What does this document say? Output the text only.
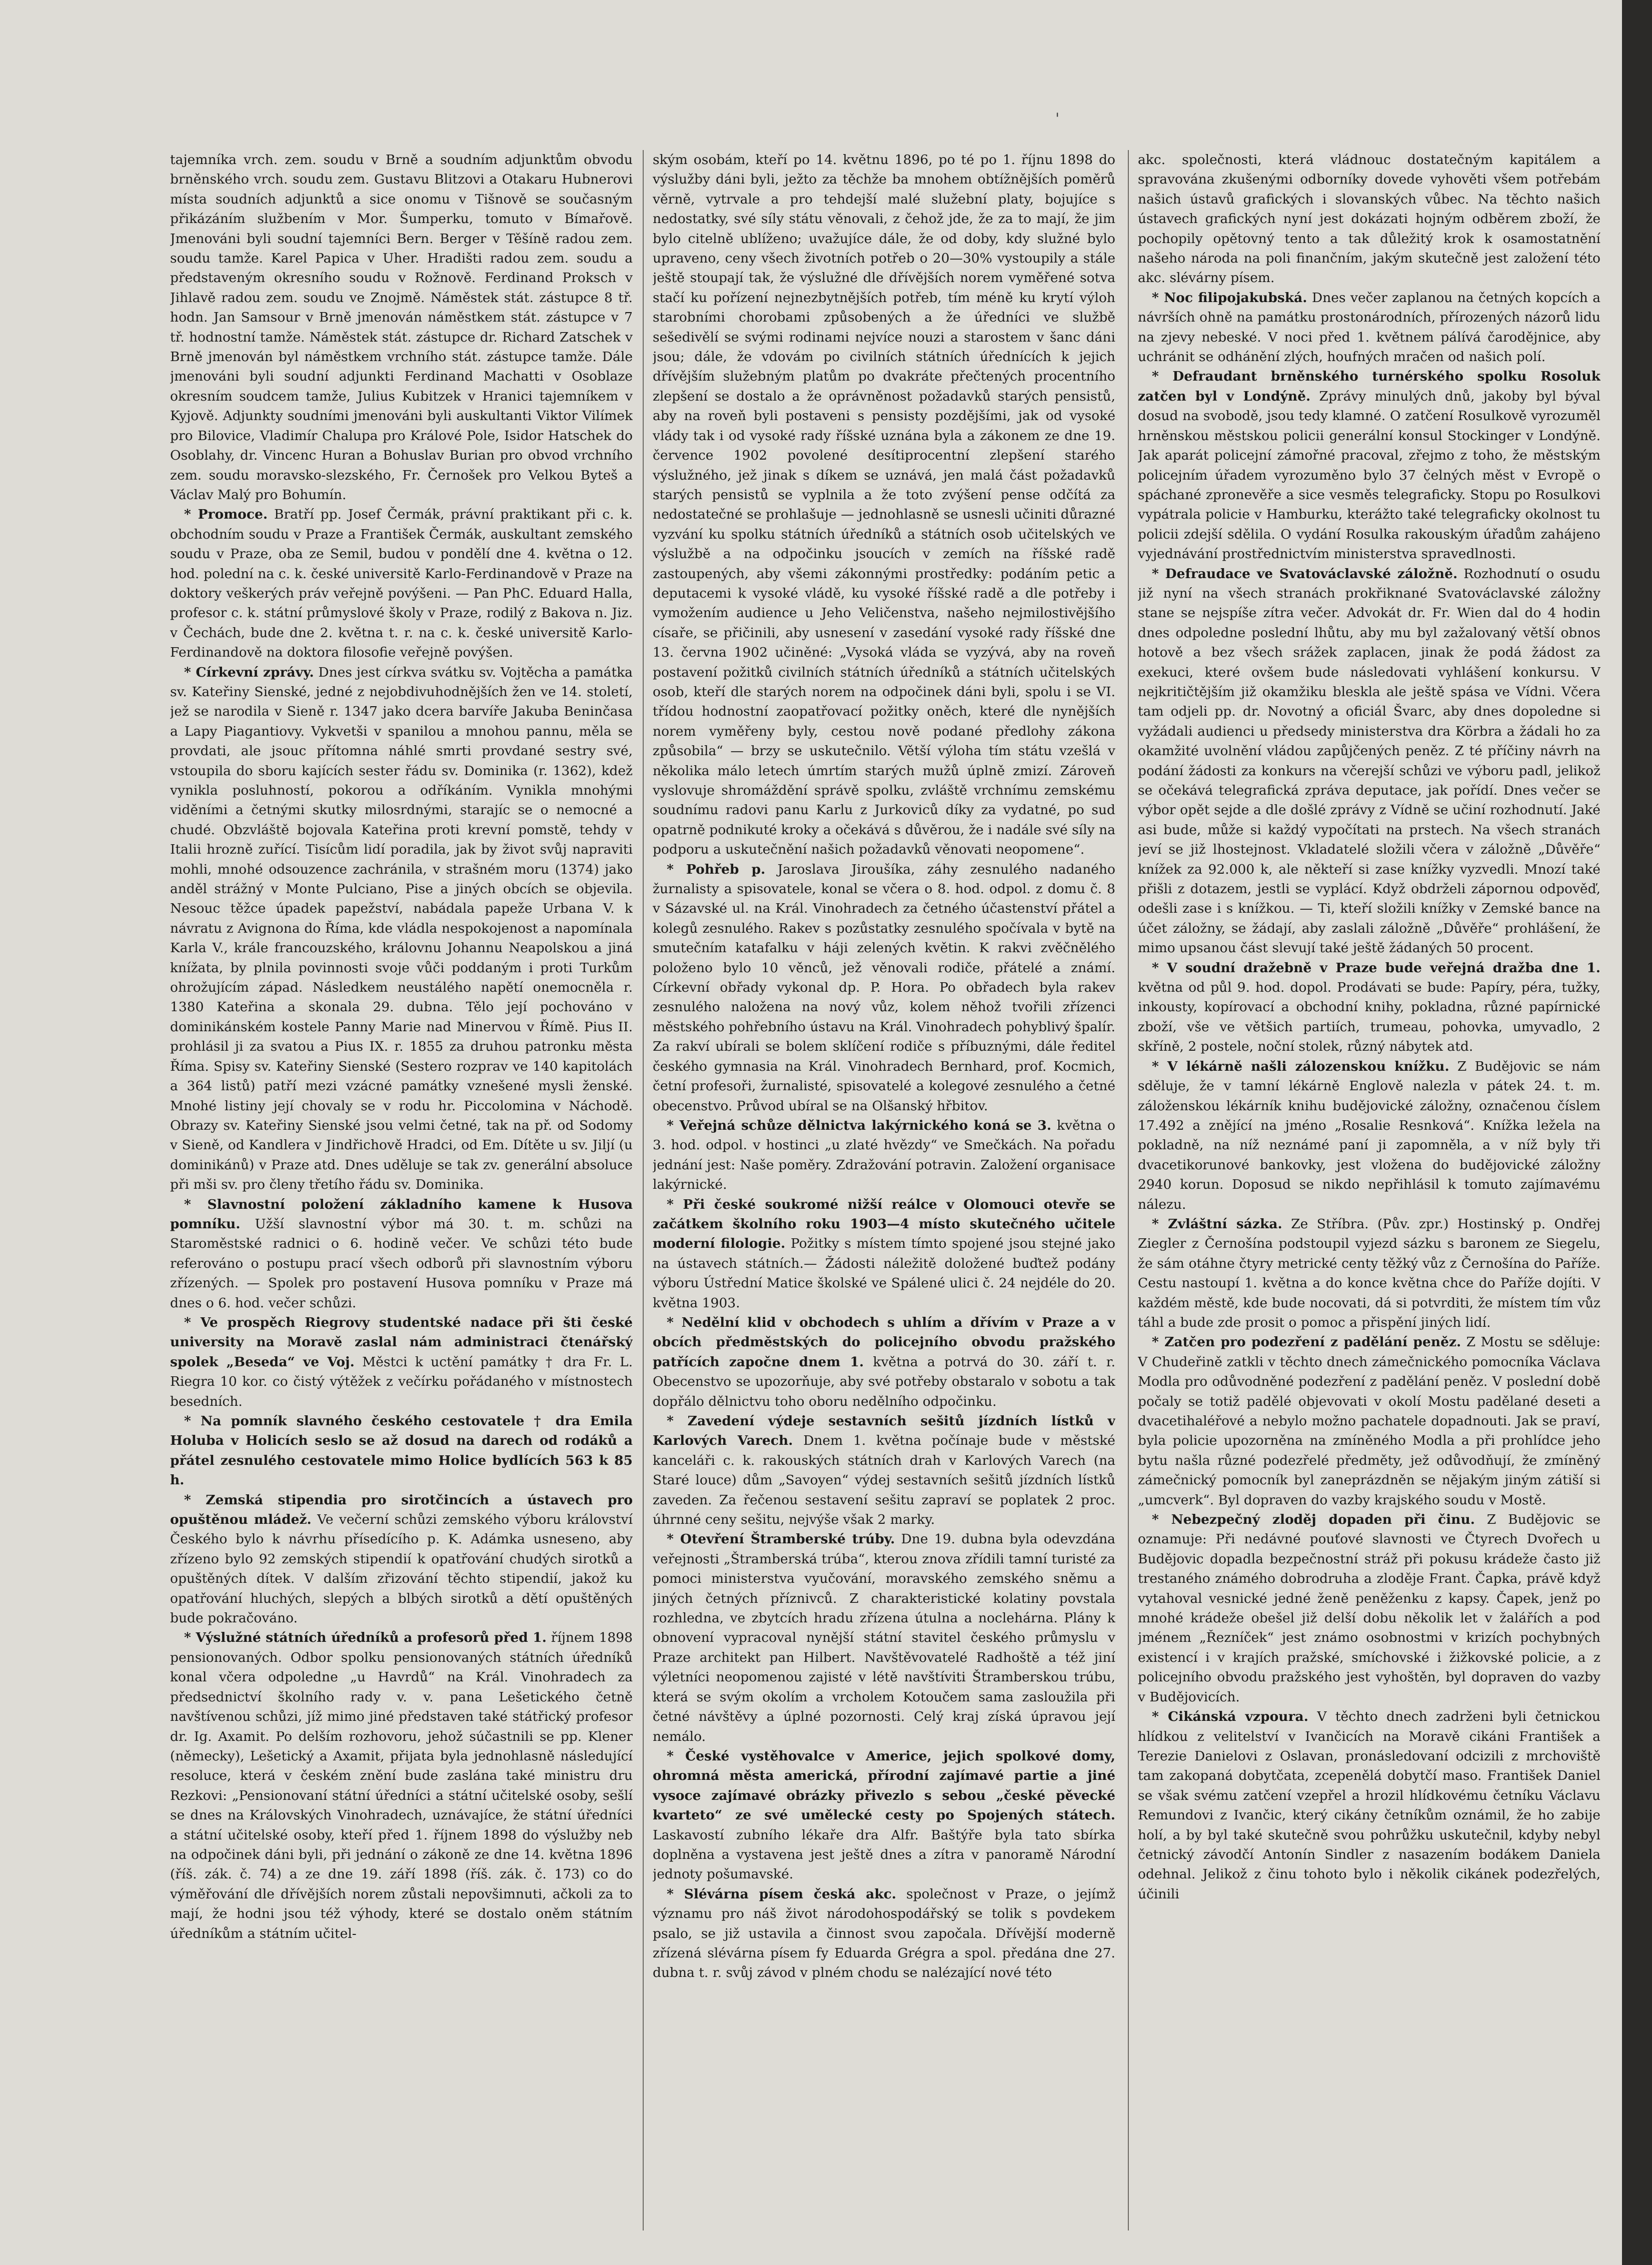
'

tajemníka vrch. zem. soudu v Brně a soudním adjunktům obvodu brněnského vrch. soudu zem. Gustavu Blitzovi a Otakaru Hubnerovi místa soudních adjunktů a sice onomu v Tišnově se současným přikázáním službením v Mor. Šumperku, tomuto v Bímařově. Jmenováni byli soudní tajemníci Bern. Berger v Těšíně radou zem. soudu tamže. Karel Papica v Uher. Hradišti radou zem. soudu a představeným okresního soudu v Rožnově. Ferdinand Proksch v Jihlavě radou zem. soudu ve Znojmě. Náměstek stát. zástupce 8 tř. hodn. Jan Samsour v Brně jmenován náměstkem stát. zástupce v 7 tř. hodnostní tamže. Náměstek stát. zástupce dr. Richard Zatschek v Brně jmenován byl náměstkem vrchního stát. zástupce tamže. Dále jmenováni byli soudní adjunkti Ferdinand Machatti v Osoblaze okresním soudcem tamže, Julius Kubitzek v Hranici tajemníkem v Kyjově. Adjunkty soudními jmenováni byli auskultanti Viktor Vilímek pro Bilovice, Vladimír Chalupa pro Králové Pole, Isidor Hatschek do Osoblahy, dr. Vincenc Huran a Bohuslav Burian pro obvod vrchního zem. soudu moravsko-slezského, Fr. Černošek pro Velkou Byteš a Václav Malý pro Bohumín.

* Promoce. Bratří pp. Josef Čermák, právní praktikant při c. k. obchodním soudu v Praze a František Čermák, auskultant zemského soudu v Praze, oba ze Semil, budou v pondělí dne 4. května o 12. hod. polední na c. k. české universitě Karlo-Ferdinandově v Praze na doktory veškerých práv veřejně povýšeni. — Pan PhC. Eduard Halla, profesor c. k. státní průmyslové školy v Praze, rodilý z Bakova n. Jiz. v Čechách, bude dne 2. května t. r. na c. k. české universitě Karlo-Ferdinandově na doktora filosofie veřejně povýšen.

* Církevní zprávy. Dnes jest církva svátku sv. Vojtěcha a památka sv. Kateřiny Sienské, jedné z nejobdivuhodnějších žen ve 14. století, jež se narodila v Sieně r. 1347 jako dcera barvíře Jakuba Beninčasa a Lapy Piagantiovy. Vykvetši v spanilou a mnohou pannu, měla se provdati, ale jsouc přítomna náhlé smrti provdané sestry své, vstoupila do sboru kajících sester řádu sv. Dominika (r. 1362), kdež vynikla posluhností, pokorou a odříkáním. Vynikla mnohými viděními a četnými skutky milosrdnými, starajíc se o nemocné a chudé. Obzvláště bojovala Kateřina proti krevní pomstě, tehdy v Italii hrozně zuřící. Tisícům lidí poradila, jak by život svůj napraviti mohli, mnohé odsouzence zachránila, v strašném moru (1374) jako anděl strážný v Monte Pulciano, Pise a jiných obcích se objevila. Nesouc těžce úpadek papežství, nabádala papeže Urbana V. k návratu z Avignona do Říma, kde vládla nespokojenost a napomínala Karla V., krále francouzského, královnu Johannu Neapolskou a jiná knížata, by plnila povinnosti svoje vůči poddaným i proti Turkům ohrožujícím západ. Následkem neustálého napětí onemocněla r. 1380 Kateřina a skonala 29. dubna. Tělo její pochováno v dominikánském kostele Panny Marie nad Minervou v Římě. Pius II. prohlásil ji za svatou a Pius IX. r. 1855 za druhou patronku města Říma. Spisy sv. Kateřiny Sienské (Sestero rozprav ve 140 kapitolách a 364 listů) patří mezi vzácné památky vznešené mysli ženské. Mnohé listiny její chovaly se v rodu hr. Piccolomina v Náchodě. Obrazy sv. Kateřiny Sienské jsou velmi četné, tak na př. od Sodomy v Sieně, od Kandlera v Jindřichově Hradci, od Em. Dítěte u sv. Jiljí (u dominikánů) v Praze atd. Dnes uděluje se tak zv. generální absoluce při mši sv. pro členy třetího řádu sv. Dominika.

* Slavnostní položení základního kamene k Husova pomníku. Užší slavnostní výbor má 30. t. m. schůzi na Staroměstské radnici o 6. hodině večer. Ve schůzi této bude referováno o postupu prací všech odborů při slavnostním výboru zřízených. — Spolek pro postavení Husova pomníku v Praze má dnes o 6. hod. večer schůzi.

* Ve prospěch Riegrovy studentské nadace při šti české university na Moravě zaslal nám administraci čtenářský spolek „Beseda“ ve Voj. Městci k uctění památky † dra Fr. L. Riegra 10 kor. co čistý výtěžek z večírku pořádaného v místnostech besedních.

* Na pomník slavného českého cestovatele † dra Emila Holuba v Holicích seslo se až dosud na darech od rodáků a přátel zesnulého cestovatele mimo Holice bydlících 563 k 85 h.

* Zemská stipendia pro sirotčincích a ústavech pro opuštěnou mládež. Ve večerní schůzi zemského výboru království Českého bylo k návrhu přísedícího p. K. Adámka usneseno, aby zřízeno bylo 92 zemských stipendií k opatřování chudých sirotků a opuštěných dítek. V dalším zřizování těchto stipendií, jakož ku opatřování hluchých, slepých a blbých sirotků a dětí opuštěných bude pokračováno.

* Výslužné státních úředníků a profesorů před 1. říjnem 1898 pensionovaných. Odbor spolku pensionovaných státních úředníků konal včera odpoledne „u Havrdů“ na Král. Vinohradech za předsednictví školního rady v. v. pana Lešetického četně navštívenou schůzi, jíž mimo jiné představen také státřický profesor dr. Ig. Axamit. Po delším rozhovoru, jehož súčastnili se pp. Klener (německy), Lešetický a Axamit, přijata byla jednohlasně následující resoluce, která v českém znění bude zaslána také ministru dru Rezkovi: „Pensionovaní státní úředníci a státní učitelské osoby, sešlí se dnes na Královských Vinohradech, uznávajíce, že státní úředníci a státní učitelské osoby, kteří před 1. říjnem 1898 do výslužby neb na odpočinek dáni byli, při jednání o zákoně ze dne 14. května 1896 (říš. zák. č. 74) a ze dne 19. září 1898 (říš. zák. č. 173) co do výměřování dle dřívějších norem zůstali nepovšimnuti, ačkoli za to mají, že hodni jsou též výhody, které se dostalo oněm státním úředníkům a státním učitel-

ským osobám, kteří po 14. květnu 1896, po té po 1. říjnu 1898 do výslužby dáni byli, ježto za těchže ba mnohem obtížnějších poměrů věrně, vytrvale a pro tehdejší malé služební platy, bojujíce s nedostatky, své síly státu věnovali, z čehož jde, že za to mají, že jim bylo citelně ublíženo; uvažujíce dále, že od doby, kdy služné bylo upraveno, ceny všech životních potřeb o 20—30% vystoupily a stále ještě stoupají tak, že výslužné dle dřívějších norem vyměřené sotva stačí ku pořízení nejnezbytnějších potřeb, tím méně ku krytí výloh starobními chorobami způsobených a že úředníci ve službě sešedivělí se svými rodinami nejvíce nouzi a starostem v šanc dáni jsou; dále, že vdovám po civilních státních úřednících k jejich dřívějším služebným platům po dvakráte přečtených procentního zlepšení se dostalo a že oprávněnost požadavků starých pensistů, aby na roveň byli postaveni s pensisty pozdějšími, jak od vysoké vlády tak i od vysoké rady říšské uznána byla a zákonem ze dne 19. července 1902 povolené desítiprocentní zlepšení starého výslužného, jež jinak s díkem se uznává, jen malá část požadavků starých pensistů se vyplnila a že toto zvýšení pense odčítá za nedostatečné se prohlašuje — jednohlasně se usnesli učiniti důrazné vyzvání ku spolku státních úředníků a státních osob učitelských ve výslužbě a na odpočinku jsoucích v zemích na říšské radě zastoupených, aby všemi zákonnými prostředky: podáním petic a deputacemi k vysoké vládě, ku vysoké říšské radě a dle potřeby i vymožením audience u Jeho Veličenstva, našeho nejmilostivějšího císaře, se přičinili, aby usnesení v zasedání vysoké rady říšské dne 13. června 1902 učiněné: „Vysoká vláda se vyzývá, aby na roveň postavení požitků civilních státních úředníků a státních učitelských osob, kteří dle starých norem na odpočinek dáni byli, spolu i se VI. třídou hodnostní zaopatřovací požitky oněch, které dle nynějších norem vyměřeny byly, cestou nově podané předlohy zákona způsobila“ — brzy se uskutečnilo. Větší výloha tím státu vzešlá v několika málo letech úmrtím starých mužů úplně zmizí. Zároveň vyslovuje shromáždění správě spolku, zvláště vrchnímu zemskému soudnímu radovi panu Karlu z Jurkoviců díky za vydatné, po sud opatrně podnikuté kroky a očekává s důvěrou, že i nadále své síly na podporu a uskutečnění našich požadavků věnovati neopomene“.

* Pohřeb p. Jaroslava Jiroušíka, záhy zesnulého nadaného žurnalisty a spisovatele, konal se včera o 8. hod. odpol. z domu č. 8 v Sázavské ul. na Král. Vinohradech za četného účastenství přátel a kolegů zesnulého. Rakev s pozůstatky zesnulého spočívala v bytě na smutečním katafalku v háji zelených květin. K rakvi zvěčnělého položeno bylo 10 věnců, jež věnovali rodiče, přátelé a známí. Církevní obřady vykonal dp. P. Hora. Po obřadech byla rakev zesnulého naložena na nový vůz, kolem něhož tvořili zřízenci městského pohřebního ústavu na Král. Vinohradech pohyblivý špalír. Za rakví ubírali se bolem sklíčení rodiče s příbuznými, dále ředitel českého gymnasia na Král. Vinohradech Bernhard, prof. Kocmich, četní profesoři, žurnalisté, spisovatelé a kolegové zesnulého a četné obecenstvo. Průvod ubíral se na Olšanský hřbitov.

* Veřejná schůze dělnictva lakýrnického koná se 3. května o 3. hod. odpol. v hostinci „u zlaté hvězdy“ ve Smečkách. Na pořadu jednání jest: Naše poměry. Zdražování potravin. Založení organisace lakýrnické.

* Při české soukromé nižší reálce v Olomouci otevře se začátkem školního roku 1903—4 místo skutečného učitele moderní filologie. Požitky s místem tímto spojené jsou stejné jako na ústavech státních.— Žádosti náležitě doložené buďtež podány výboru Ústřední Matice školské ve Spálené ulici č. 24 nejdéle do 20. května 1903.

* Nedělní klid v obchodech s uhlím a dřívím v Praze a v obcích předměstských do policejního obvodu pražského patřících započne dnem 1. května a potrvá do 30. září t. r. Obecenstvo se upozorňuje, aby své potřeby obstaralo v sobotu a tak dopřálo dělnictvu toho oboru nedělního odpočinku.

* Zavedení výdeje sestavních sešitů jízdních lístků v Karlových Varech. Dnem 1. května počínaje bude v městské kanceláři c. k. rakouských státních drah v Karlových Varech (na Staré louce) dům „Savoyen“ výdej sestavních sešitů jízdních lístků zaveden. Za řečenou sestavení sešitu zapraví se poplatek 2 proc. úhrnné ceny sešitu, nejvýše však 2 marky.

* Otevření Štramberské trúby. Dne 19. dubna byla odevzdána veřejnosti „Štramberská trúba“, kterou znova zřídili tamní turisté za pomoci ministerstva vyučování, moravského zemského sněmu a jiných četných příznivců. Z charakteristické kolatiny povstala rozhledna, ve zbytcích hradu zřízena útulna a noclehárna. Plány k obnovení vypracoval nynější státní stavitel českého průmyslu v Praze architekt pan Hilbert. Navštěvovatelé Radhoště a též jiní výletníci neopomenou zajisté v létě navštíviti Štramberskou trúbu, která se svým okolím a vrcholem Kotoučem sama zasloužila při četné návštěvy a úplné pozornosti. Celý kraj získá úpravou její nemálo.

* České vystěhovalce v Americe, jejich spolkové domy, ohromná města americká, přírodní zajímavé partie a jiné vysoce zajímavé obrázky přivezlo s sebou „české pěvecké kvarteto“ ze své umělecké cesty po Spojených státech. Laskavostí zubního lékaře dra Alfr. Baštýře byla tato sbírka doplněna a vystavena jest ještě dnes a zítra v panoramě Národní jednoty pošumavské.

* Slévárna písem česká akc. společnost v Praze, o jejímž významu pro náš život národohospodářský se tolik s povdekem psalo, se již ustavila a činnost svou započala. Dřívější moderně zřízená slévárna písem fy Eduarda Grégra a spol. předána dne 27. dubna t. r. svůj závod v plném chodu se nalézající nové této

akc. společnosti, která vládnouc dostatečným kapitálem a spravována zkušenými odborníky dovede vyhověti všem potřebám našich ústavů grafických i slovanských vůbec. Na těchto našich ústavech grafických nyní jest dokázati hojným odběrem zboží, že pochopily opětovný tento a tak důležitý krok k osamostatnění našeho národa na poli finančním, jakým skutečně jest založení této akc. slévárny písem.

* Noc filipojakubská. Dnes večer zaplanou na četných kopcích a návrších ohně na památku prostonárodních, přírozených názorů lidu na zjevy nebeské. V noci před 1. květnem pálívá čarodějnice, aby uchránit se odhánění zlých, houfných mračen od našich polí.

* Defraudant brněnského turnérského spolku Rosoluk zatčen byl v Londýně. Zprávy minulých dnů, jakoby byl býval dosud na svobodě, jsou tedy klamné. O zatčení Rosulkově vyrozuměl hrněnskou městskou policii generální konsul Stockinger v Londýně. Jak aparát policejní zámořné pracoval, zřejmo z toho, že městským policejním úřadem vyrozuměno bylo 37 čelných měst v Evropě o spáchané zpronevěře a sice vesměs telegraficky. Stopu po Rosulkovi vypátrala policie v Hamburku, kterážto také telegraficky okolnost tu policii zdejší sdělila. O vydání Rosulka rakouským úřadům zahájeno vyjednávání prostřednictvím ministerstva spravedlnosti.

* Defraudace ve Svatováclavské záložně. Rozhodnutí o osudu již nyní na všech stranách prokřiknané Svatováclavské záložny stane se nejspíše zítra večer. Advokát dr. Fr. Wien dal do 4 hodin dnes odpoledne poslední lhůtu, aby mu byl zažalovaný větší obnos hotově a bez všech srážek zaplacen, jinak že podá žádost za exekuci, které ovšem bude následovati vyhlášení konkursu. V nejkritičtějším již okamžiku bleskla ale ještě spása ve Vídni. Včera tam odjeli pp. dr. Novotný a oficiál Švarc, aby dnes dopoledne si vyžádali audienci u předsedy ministerstva dra Körbra a žádali ho za okamžité uvolnění vládou zapůjčených peněz. Z té příčiny návrh na podání žádosti za konkurs na včerejší schůzi ve výboru padl, jelikož se očekává telegrafická zpráva deputace, jak pořídí. Dnes večer se výbor opět sejde a dle došlé zprávy z Vídně se učiní rozhodnutí. Jaké asi bude, může si každý vypočítati na prstech. Na všech stranách jeví se již lhostejnost. Vkladatelé složili včera v záložně „Důvěře“ knížek za 92.000 k, ale někteří si zase knížky vyzvedli. Mnozí také přišli z dotazem, jestli se vyplácí. Když obdrželi zápornou odpověď, odešli zase i s knížkou. — Ti, kteří složili knížky v Zemské bance na účet záložny, se žádají, aby zaslali záložně „Důvěře“ prohlášení, že mimo upsanou část slevují také ještě žádaných 50 procent.

* V soudní dražebně v Praze bude veřejná dražba dne 1. května od půl 9. hod. dopol. Prodávati se bude: Papíry, péra, tužky, inkousty, kopírovací a obchodní knihy, pokladna, různé papírnické zboží, vše ve většich partiích, trumeau, pohovka, umyvadlo, 2 skříně, 2 postele, noční stolek, různý nábytek atd.

* V lékárně našli zálozenskou knížku. Z Budějovic se nám sděluje, že v tamní lékárně Englově nalezla v pátek 24. t. m. záloženskou lékárník knihu budějovické záložny, označenou číslem 17.492 a znějící na jméno „Rosalie Resnková“. Knížka ležela na pokladně, na níž neznámé paní ji zapomněla, a v níž byly tři dvacetikorunové bankovky, jest vložena do budějovické záložny 2940 korun. Doposud se nikdo nepřihlásil k tomuto zajímavému nálezu.

* Zvláštní sázka. Ze Stříbra. (Pův. zpr.) Hostinský p. Ondřej Ziegler z Černošína podstoupil vyjezd sázku s baronem ze Siegelu, že sám otáhne čtyry metrické centy těžký vůz z Černošína do Paříže. Cestu nastoupí 1. května a do konce května chce do Paříže dojíti. V každém městě, kde bude nocovati, dá si potvrditi, že místem tím vůz táhl a bude zde prosit o pomoc a přispění jiných lidí.

* Zatčen pro podezření z padělání peněz. Z Mostu se sděluje: V Chudeřině zatkli v těchto dnech zámečnického pomocníka Václava Modla pro odůvodněné podezření z padělání peněz. V poslední době počaly se totiž padělé objevovati v okolí Mostu padělané deseti a dvacetihaléřové a nebylo možno pachatele dopadnouti. Jak se praví, byla policie upozorněna na zmíněného Modla a při prohlídce jeho bytu našla různé podezřelé předměty, jež odůvodňují, že zmíněný zámečnický pomocník byl zaneprázdněn se nějakým jiným zátiší si „umcverk“. Byl dopraven do vazby krajského soudu v Mostě.

* Nebezpečný zloděj dopaden při činu. Z Budějovic se oznamuje: Při nedávné pouťové slavnosti ve Čtyrech Dvořech u Budějovic dopadla bezpečnostní stráž při pokusu krádeže často již trestaného známého dobrodruha a zloděje Frant. Čapka, právě když vytahoval vesnické jedné ženě peněženku z kapsy. Čapek, jenž po mnohé krádeže obešel již delší dobu několik let v žalářích a pod jménem „Řezníček“ jest známo osobnostmi v krizích pochybných existencí i v krajích pražské, smíchovské i žižkovské policie, a z policejního obvodu pražského jest vyhoštěn, byl dopraven do vazby v Budějovicích.

* Cikánská vzpoura. V těchto dnech zadrženi byli četnickou hlídkou z velitelství v Ivančicích na Moravě cikáni František a Terezie Danielovi z Oslavan, pronásledovaní odcizili z mrchoviště tam zakopaná dobytčata, zcepenělá dobytčí maso. František Daniel se však svému zatčení vzepřel a hrozil hlídkovému četníku Václavu Remundovi z Ivančic, který cikány četníkům oznámil, že ho zabije holí, a by byl také skutečně svou pohrůžku uskutečnil, kdyby nebyl četnický závodčí Antonín Sindler z nasazením bodákem Daniela odehnal. Jelikož z činu tohoto bylo i několik cikánek podezřelých, účinili
